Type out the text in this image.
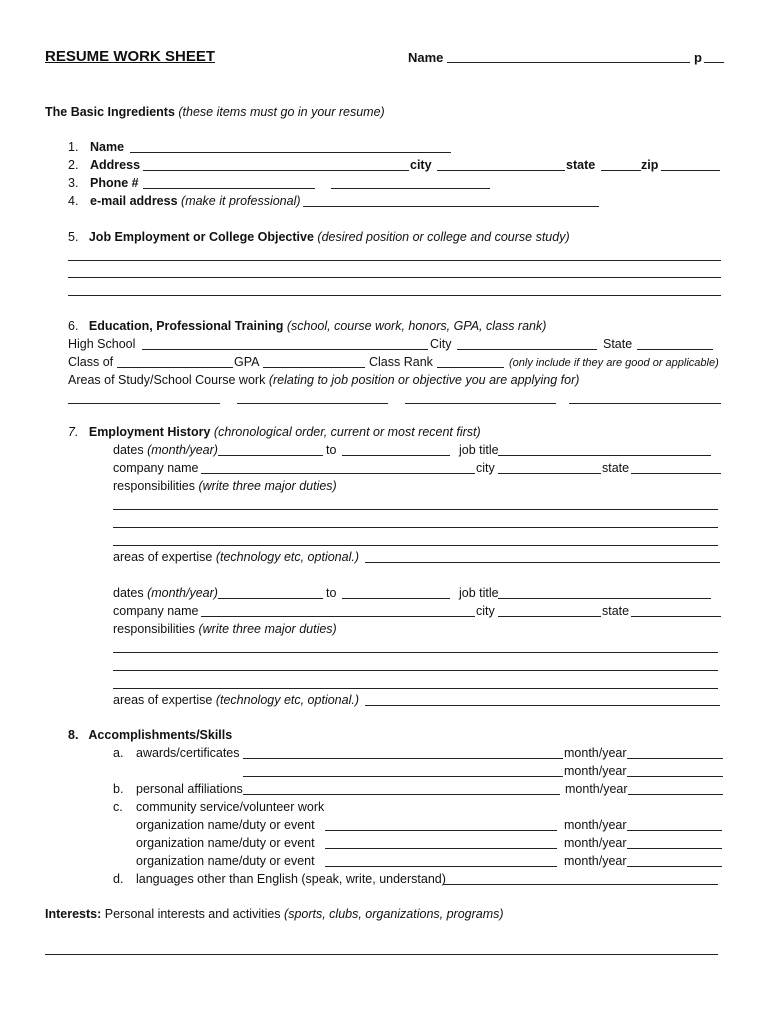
RESUME WORK SHEET	Name	p
The Basic Ingredients (these items must go in your resume)
1. Name
2. Address	city	state	zip
3. Phone #
4. e-mail address (make it professional)
5. Job Employment or College Objective (desired position or college and course study)
6. Education, Professional Training (school, course work, honors, GPA, class rank)
High School	City	State
Class of	GPA	Class Rank	(only include if they are good or applicable)
Areas of Study/School Course work (relating to job position or objective you are applying for)
7. Employment History (chronological order, current or most recent first)
dates (month/year)	to	job title
company name	city	state
responsibilities (write three major duties)
areas of expertise (technology etc, optional.)
dates (month/year)	to	job title
company name	city	state
responsibilities (write three major duties)
areas of expertise (technology etc, optional.)
8. Accomplishments/Skills
a. awards/certificates	month/year
month/year
b. personal affiliations	month/year
c. community service/volunteer work
organization name/duty or event	month/year
organization name/duty or event	month/year
organization name/duty or event	month/year
d. languages other than English (speak, write, understand)
Interests: Personal interests and activities (sports, clubs, organizations, programs)
